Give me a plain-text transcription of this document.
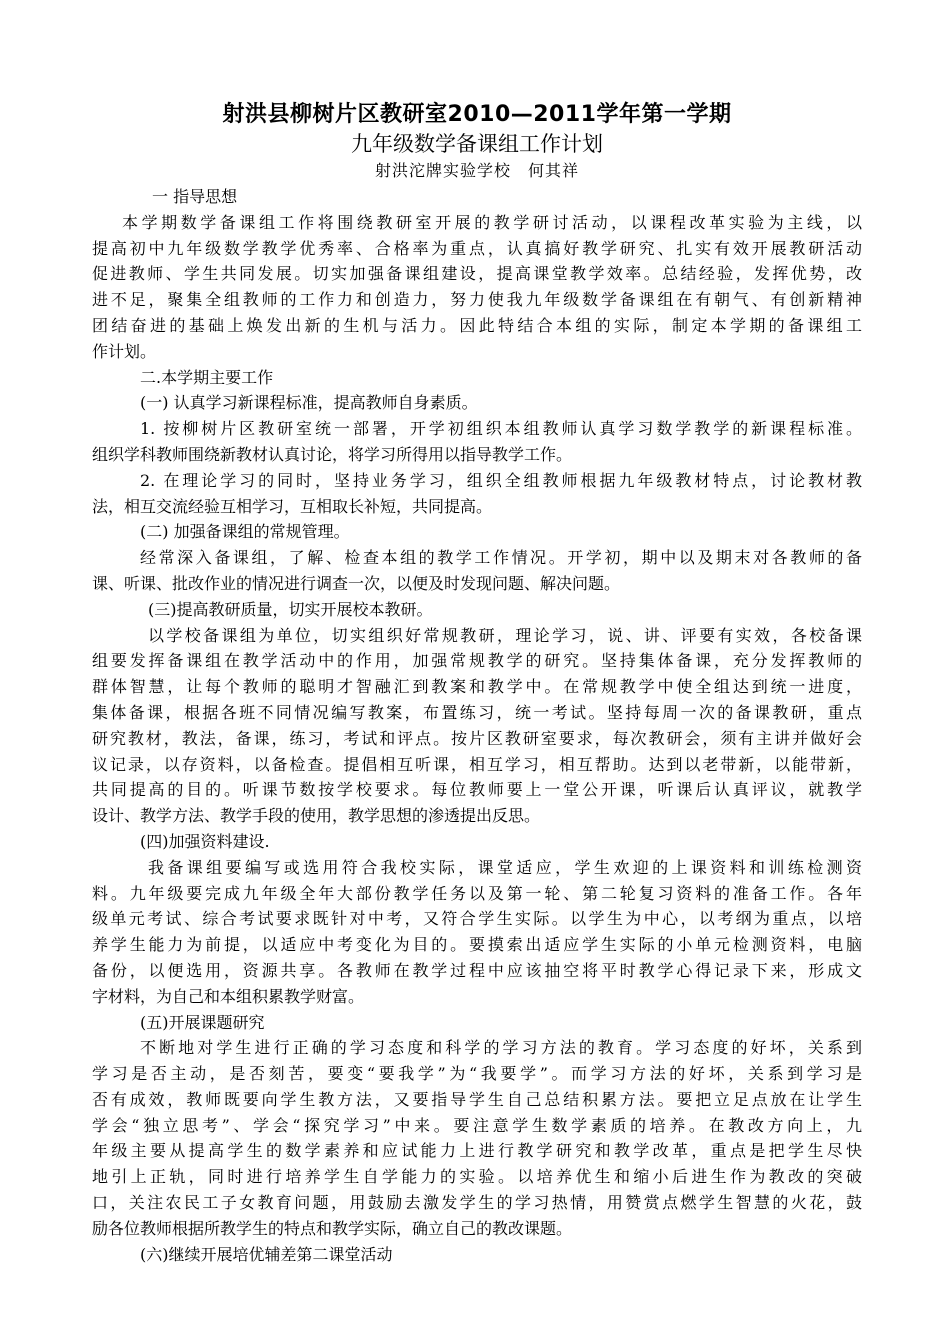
射洪县柳树片区教研室2010—2011学年第一学期
九年级数学备课组工作计划
射洪沱牌实验学校　何其祥
　一 指导思想
本学期数学备课组工作将围绕教研室开展的教学研讨活动，以课程改革实验为主线，以
提高初中九年级数学教学优秀率、合格率为重点，认真搞好教学研究、扎实有效开展教研活动
促进教师、学生共同发展。切实加强备课组建设，提高课堂教学效率。总结经验，发挥优势，改
进不足，聚集全组教师的工作力和创造力，努力使我九年级数学备课组在有朝气、有创新精神
团结奋进的基础上焕发出新的生机与活力。因此特结合本组的实际，制定本学期的备课组工
作计划。
二.本学期主要工作
(一) 认真学习新课程标准，提高教师自身素质。
1. 按柳树片区教研室统一部署，开学初组织本组教师认真学习数学教学的新课程标准。
组织学科教师围绕新教材认真讨论，将学习所得用以指导教学工作。
2. 在理论学习的同时，坚持业务学习，组织全组教师根据九年级教材特点，讨论教材教
法，相互交流经验互相学习，互相取长补短，共同提高。
(二) 加强备课组的常规管理。
经常深入备课组，了解、检查本组的教学工作情况。开学初，期中以及期末对各教师的备
课、听课、批改作业的情况进行调查一次，以便及时发现问题、解决问题。
(三)提高教研质量，切实开展校本教研。
以学校备课组为单位，切实组织好常规教研，理论学习，说、讲、评要有实效，各校备课
组要发挥备课组在教学活动中的作用，加强常规教学的研究。坚持集体备课，充分发挥教师的
群体智慧，让每个教师的聪明才智融汇到教案和教学中。在常规教学中使全组达到统一进度，
集体备课，根据各班不同情况编写教案，布置练习，统一考试。坚持每周一次的备课教研，重点
研究教材，教法，备课，练习，考试和评点。按片区教研室要求，每次教研会，须有主讲并做好会
议记录，以存资料，以备检查。提倡相互听课，相互学习，相互帮助。达到以老带新，以能带新，
共同提高的目的。听课节数按学校要求。每位教师要上一堂公开课，听课后认真评议，就教学
设计、教学方法、教学手段的使用，教学思想的渗透提出反思。
(四)加强资料建设.
我备课组要编写或选用符合我校实际，课堂适应，学生欢迎的上课资料和训练检测资
料。九年级要完成九年级全年大部份教学任务以及第一轮、第二轮复习资料的准备工作。各年
级单元考试、综合考试要求既针对中考，又符合学生实际。以学生为中心，以考纲为重点，以培
养学生能力为前提，以适应中考变化为目的。要摸索出适应学生实际的小单元检测资料，电脑
备份，以便选用，资源共享。各教师在教学过程中应该抽空将平时教学心得记录下来，形成文
字材料，为自己和本组积累教学财富。
(五)开展课题研究
不断地对学生进行正确的学习态度和科学的学习方法的教育。学习态度的好坏，关系到
学习是否主动，是否刻苦，要变“要我学”为“我要学”。而学习方法的好坏，关系到学习是
否有成效，教师既要向学生教方法，又要指导学生自己总结积累方法。要把立足点放在让学生
学会“独立思考”、学会“探究学习”中来。要注意学生数学素质的培养。在教改方向上，九
年级主要从提高学生的数学素养和应试能力上进行教学研究和教学改革，重点是把学生尽快
地引上正轨，同时进行培养学生自学能力的实验。以培养优生和缩小后进生作为教改的突破
口，关注农民工子女教育问题，用鼓励去激发学生的学习热情，用赞赏点燃学生智慧的火花，鼓
励各位教师根据所教学生的特点和教学实际，确立自己的教改课题。
(六)继续开展培优辅差第二课堂活动
